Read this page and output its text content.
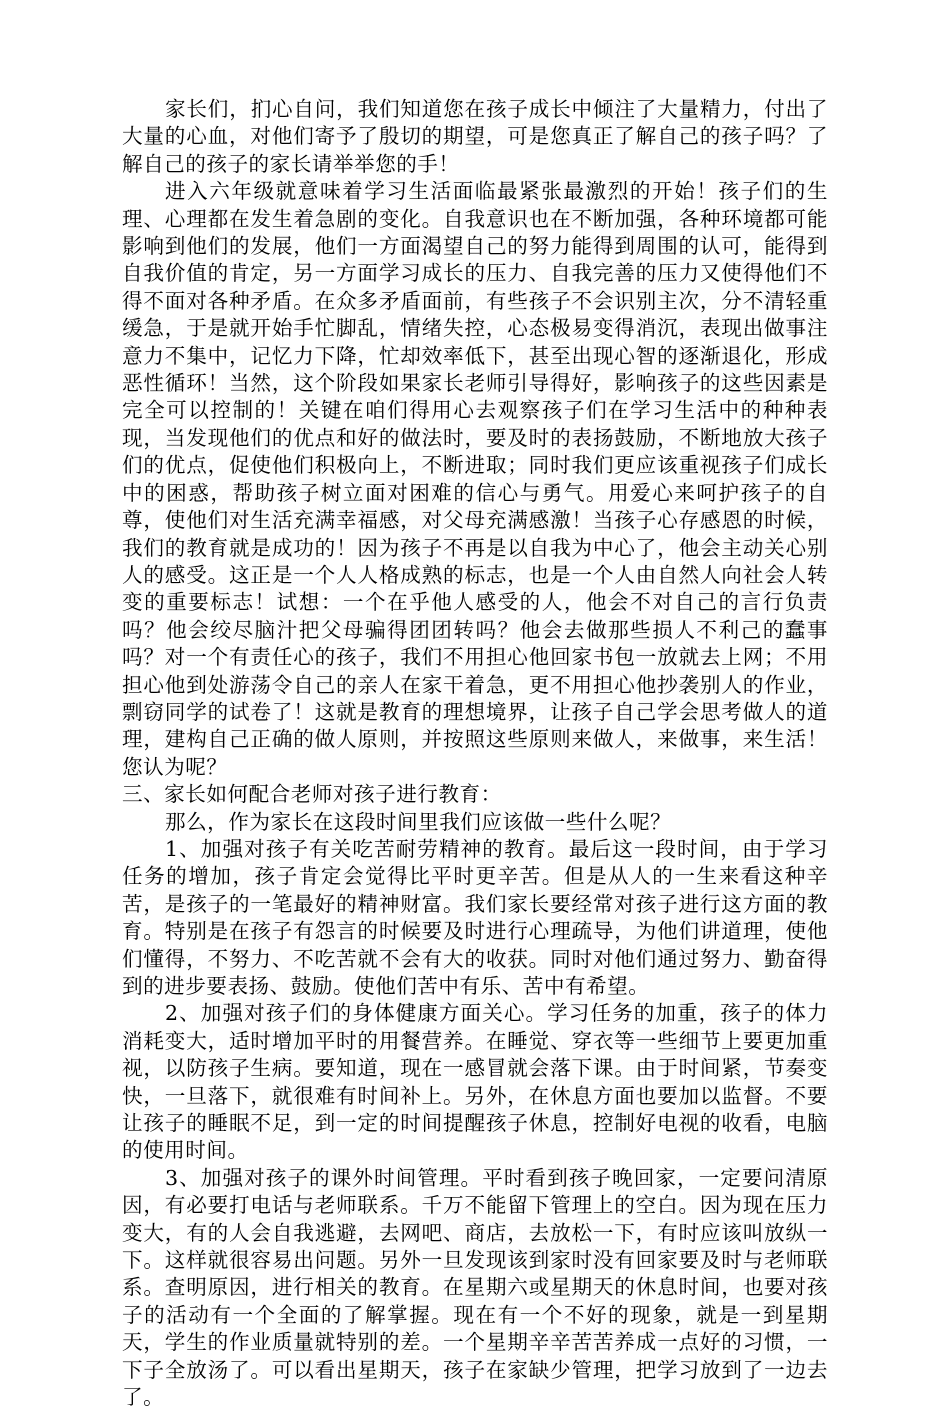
家长们，扪心自问，我们知道您在孩子成长中倾注了大量精力，付出了大量的心血，对他们寄予了殷切的期望，可是您真正了解自己的孩子吗？了解自己的孩子的家长请举举您的手！

进入六年级就意味着学习生活面临最紧张最激烈的开始！孩子们的生理、心理都在发生着急剧的变化。自我意识也在不断加强，各种环境都可能影响到他们的发展，他们一方面渴望自己的努力能得到周围的认可，能得到自我价值的肯定，另一方面学习成长的压力、自我完善的压力又使得他们不得不面对各种矛盾。在众多矛盾面前，有些孩子不会识别主次，分不清轻重缓急，于是就开始手忙脚乱，情绪失控，心态极易变得消沉，表现出做事注意力不集中，记忆力下降，忙却效率低下，甚至出现心智的逐渐退化，形成恶性循环！当然，这个阶段如果家长老师引导得好，影响孩子的这些因素是完全可以控制的！关键在咱们得用心去观察孩子们在学习生活中的种种表现，当发现他们的优点和好的做法时，要及时的表扬鼓励，不断地放大孩子们的优点，促使他们积极向上，不断进取；同时我们更应该重视孩子们成长中的困惑，帮助孩子树立面对困难的信心与勇气。用爱心来呵护孩子的自尊，使他们对生活充满幸福感，对父母充满感激！当孩子心存感恩的时候，我们的教育就是成功的！因为孩子不再是以自我为中心了，他会主动关心别人的感受。这正是一个人人格成熟的标志，也是一个人由自然人向社会人转变的重要标志！试想：一个在乎他人感受的人，他会不对自己的言行负责吗？他会绞尽脑汁把父母骗得团团转吗？他会去做那些损人不利己的蠢事吗？对一个有责任心的孩子，我们不用担心他回家书包一放就去上网；不用担心他到处游荡令自己的亲人在家干着急，更不用担心他抄袭别人的作业，剽窃同学的试卷了！这就是教育的理想境界，让孩子自己学会思考做人的道理，建构自己正确的做人原则，并按照这些原则来做人，来做事，来生活！您认为呢？

三、家长如何配合老师对孩子进行教育：

那么，作为家长在这段时间里我们应该做一些什么呢？

1、加强对孩子有关吃苦耐劳精神的教育。最后这一段时间，由于学习任务的增加，孩子肯定会觉得比平时更辛苦。但是从人的一生来看这种辛苦，是孩子的一笔最好的精神财富。我们家长要经常对孩子进行这方面的教育。特别是在孩子有怨言的时候要及时进行心理疏导，为他们讲道理，使他们懂得，不努力、不吃苦就不会有大的收获。同时对他们通过努力、勤奋得到的进步要表扬、鼓励。使他们苦中有乐、苦中有希望。

2、加强对孩子们的身体健康方面关心。学习任务的加重，孩子的体力消耗变大，适时增加平时的用餐营养。在睡觉、穿衣等一些细节上要更加重视，以防孩子生病。要知道，现在一感冒就会落下课。由于时间紧，节奏变快，一旦落下，就很难有时间补上。另外，在休息方面也要加以监督。不要让孩子的睡眠不足，到一定的时间提醒孩子休息，控制好电视的收看，电脑的使用时间。

3、加强对孩子的课外时间管理。平时看到孩子晚回家，一定要问清原因，有必要打电话与老师联系。千万不能留下管理上的空白。因为现在压力变大，有的人会自我逃避，去网吧、商店，去放松一下，有时应该叫放纵一下。这样就很容易出问题。另外一旦发现该到家时没有回家要及时与老师联系。查明原因，进行相关的教育。在星期六或星期天的休息时间，也要对孩子的活动有一个全面的了解掌握。现在有一个不好的现象，就是一到星期天，学生的作业质量就特别的差。一个星期辛辛苦苦养成一点好的习惯，一下子全放汤了。可以看出星期天，孩子在家缺少管理，把学习放到了一边去了。
